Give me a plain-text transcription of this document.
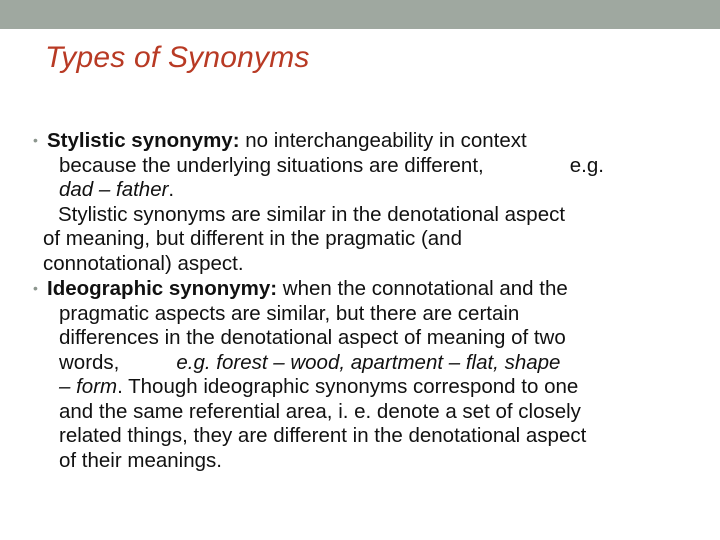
Types of Synonyms
• Stylistic synonymy: no interchangeability in context
because the underlying situations are different,	e.g.
dad – father.
Stylistic synonyms are similar in the denotational aspect
of meaning, but different in the pragmatic (and
connotational) aspect.
• Ideographic synonymy: when the connotational and the
pragmatic aspects are similar, but there are certain
differences in the denotational aspect of meaning of two
words,	e.g. forest – wood, apartment – flat, shape
– form. Though ideographic synonyms correspond to one
and the same referential area, i. e. denote a set of closely
related things, they are different in the denotational aspect
of their meanings.
